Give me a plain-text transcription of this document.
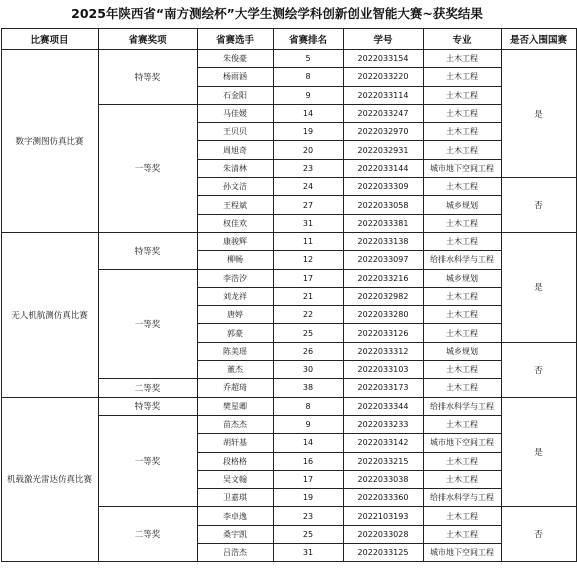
2025年陕西省“南方测绘杯”大学生测绘学科创新创业智能大赛~获奖结果
比赛项目	省赛奖项	省赛选手	省赛排名	学号	专业	是否入围国赛
数字测图仿真比赛	特等奖	朱俊豪	5	2022033154	土木工程	是
		杨雨涵	8	2022033220	土木工程	
		石金阳	9	2022033114	土木工程	
	一等奖	马佳媛	14	2022033247	土木工程	
		王贝贝	19	2022032970	土木工程	
		周旭奇	20	2022032931	土木工程	
		朱清林	23	2022033144	城市地下空间工程	
		孙文洁	24	2022033309	土木工程	否
		王程斌	27	2022033058	城乡规划	
		权佳欢	31	2022033381	土木工程	
无人机航测仿真比赛	特等奖	康骏辉	11	2022033138	土木工程	是
		柳畅	12	2022033097	给排水科学与工程	
	一等奖	李浩汐	17	2022033216	城乡规划	
		刘龙祥	21	2022032982	土木工程	
		唐婷	22	2022033280	土木工程	
		郭豪	25	2022033126	土木工程	
		陈美瑶	26	2022033312	城乡规划	否
		董杰	30	2022033103	土木工程	
	二等奖	乔超琦	38	2022033173	土木工程	
机载激光雷达仿真比赛	特等奖	樊星卿	8	2022033344	给排水科学与工程	是
	一等奖	苗杰杰	9	2022033233	土木工程	
		胡轩基	14	2022033142	城市地下空间工程	
		段格格	16	2022033215	土木工程	
		吴文翰	17	2022033038	土木工程	
		卫嘉琪	19	2022033360	给排水科学与工程	
	二等奖	李卓逸	23	2022103193	土木工程	否
		桑宇凯	25	2022033028	土木工程	
		吕浩杰	31	2022033125	城市地下空间工程	
